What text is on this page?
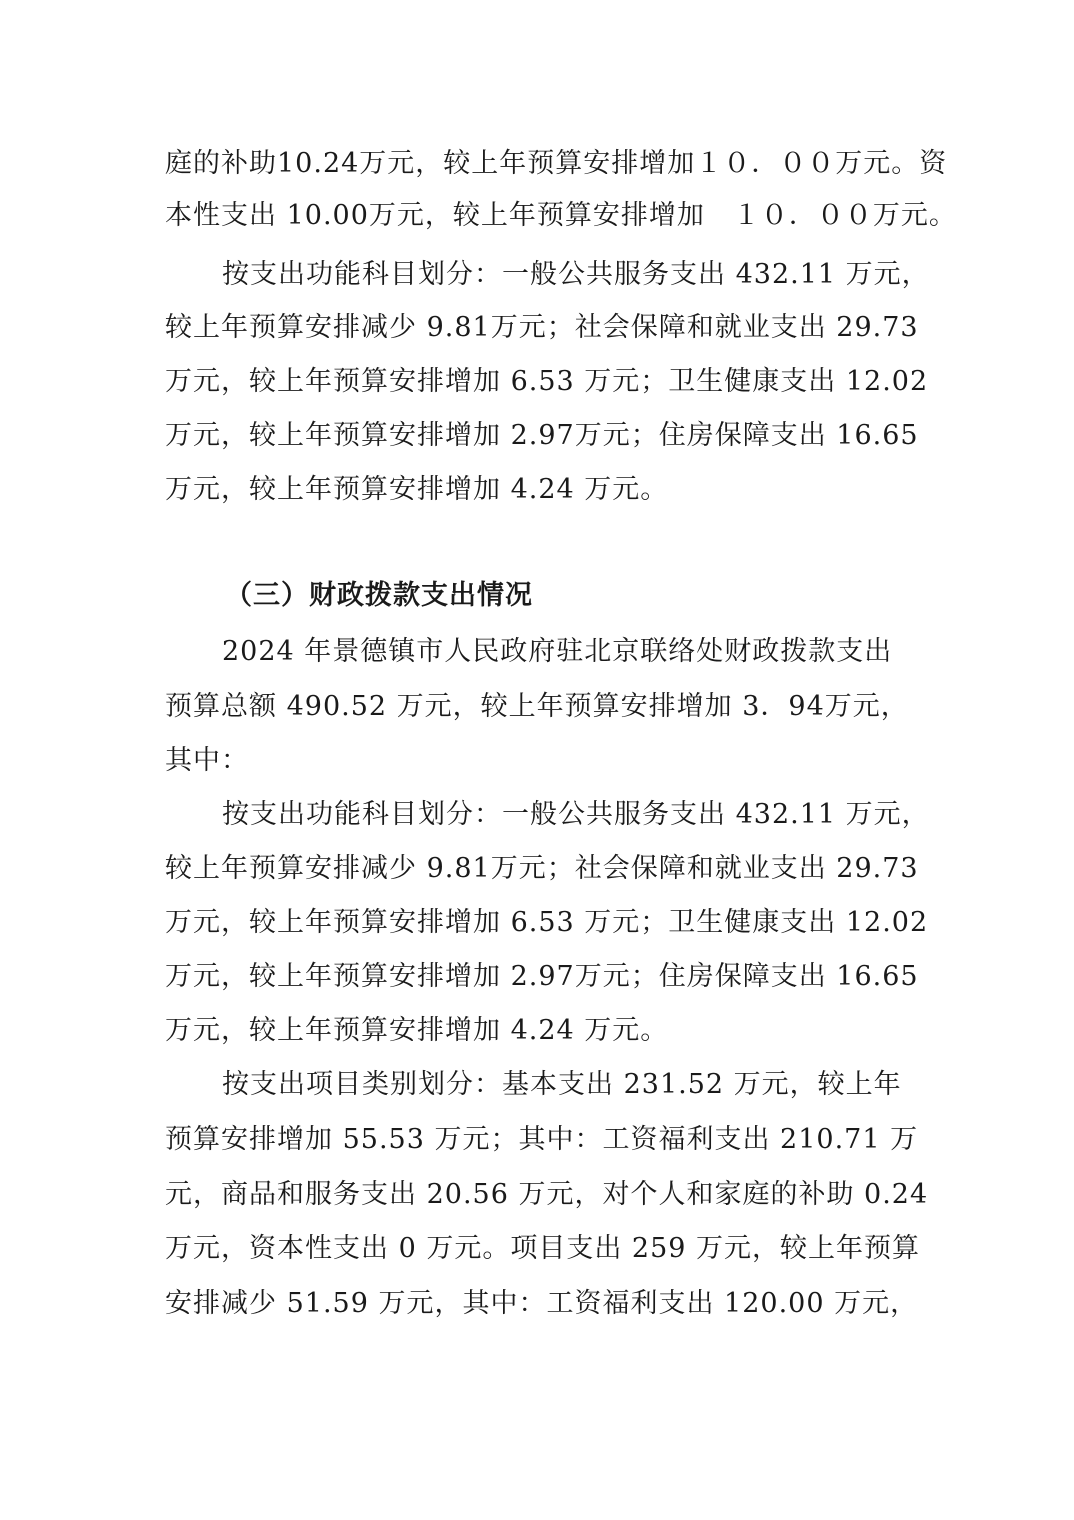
庭的补助10.24万元，较上年预算安排增加１０．００万元。资
本性支出 10.00万元，较上年预算安排增加　１０．００万元。
按支出功能科目划分：一般公共服务支出 432.11 万元，
较上年预算安排减少 9.81万元；社会保障和就业支出 29.73
万元，较上年预算安排增加 6.53 万元；卫生健康支出 12.02
万元，较上年预算安排增加 2.97万元；住房保障支出 16.65
万元，较上年预算安排增加 4.24 万元。
（三）财政拨款支出情况
2024 年景德镇市人民政府驻北京联络处财政拨款支出
预算总额 490.52 万元，较上年预算安排增加 3．94万元，
其中：
按支出功能科目划分：一般公共服务支出 432.11 万元，
较上年预算安排减少 9.81万元；社会保障和就业支出 29.73
万元，较上年预算安排增加 6.53 万元；卫生健康支出 12.02
万元，较上年预算安排增加 2.97万元；住房保障支出 16.65
万元，较上年预算安排增加 4.24 万元。
按支出项目类别划分：基本支出 231.52 万元，较上年
预算安排增加 55.53 万元；其中：工资福利支出 210.71 万
元，商品和服务支出 20.56 万元，对个人和家庭的补助 0.24
万元，资本性支出 0 万元。项目支出 259 万元，较上年预算
安排减少 51.59 万元，其中：工资福利支出 120.00 万元，
